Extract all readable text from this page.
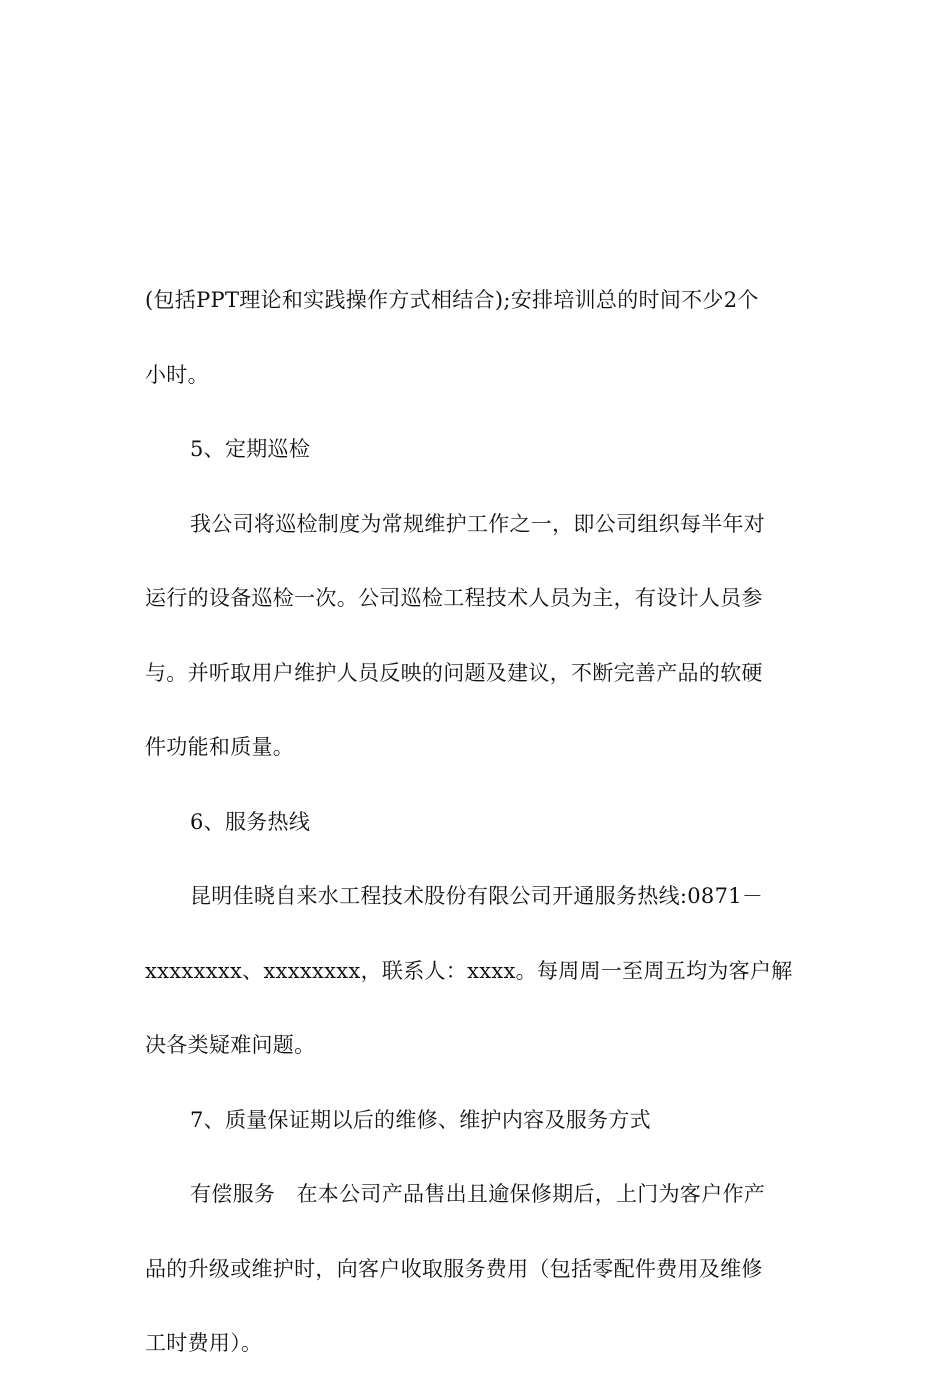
(包括PPT理论和实践操作方式相结合);安排培训总的时间不少2个
小时。
5、定期巡检
我公司将巡检制度为常规维护工作之一，即公司组织每半年对
运行的设备巡检一次。公司巡检工程技术人员为主，有设计人员参
与。并听取用户维护人员反映的问题及建议，不断完善产品的软硬
件功能和质量。
6、服务热线
昆明佳晓自来水工程技术股份有限公司开通服务热线:0871－
xxxxxxxx、xxxxxxxx，联系人：xxxx。每周周一至周五均为客户解
决各类疑难问题。
7、质量保证期以后的维修、维护内容及服务方式
有偿服务　在本公司产品售出且逾保修期后，上门为客户作产
品的升级或维护时，向客户收取服务费用（包括零配件费用及维修
工时费用）。
